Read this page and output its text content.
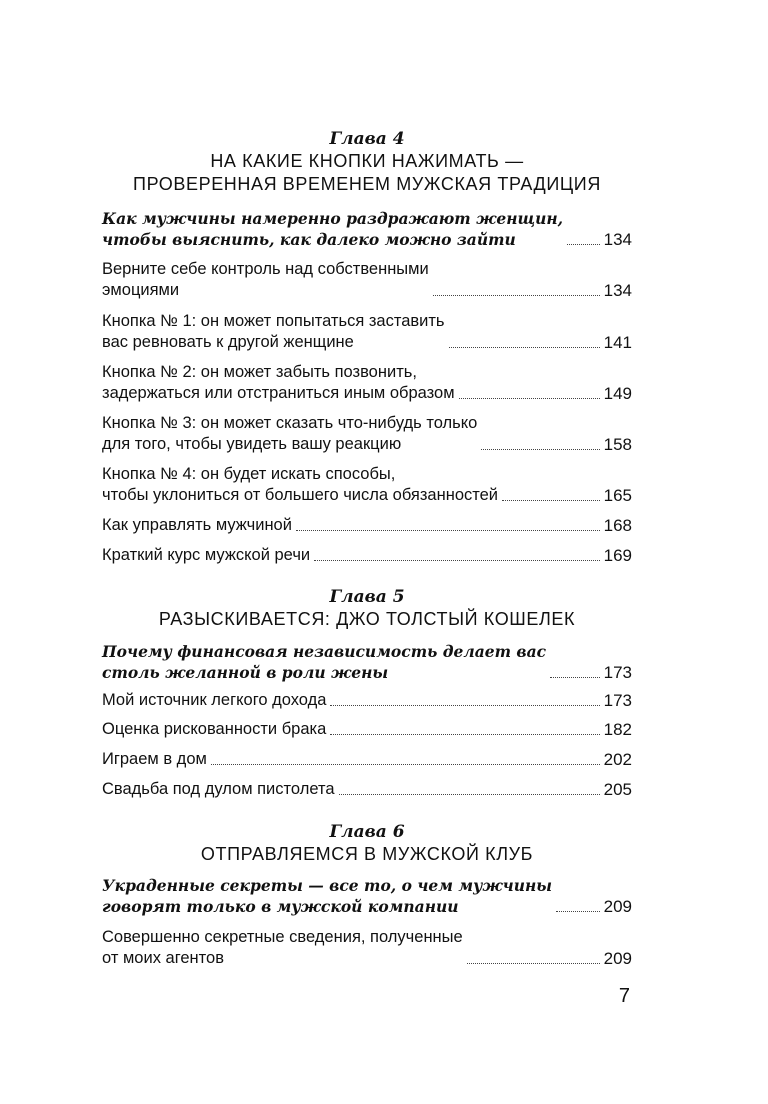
Глава 4
НА КАКИЕ КНОПКИ НАЖИМАТЬ —
ПРОВЕРЕННАЯ ВРЕМЕНЕМ МУЖСКАЯ ТРАДИЦИЯ
Как мужчины намеренно раздражают женщин,
чтобы выяснить, как далеко можно зайти	134
Верните себе контроль над собственными
эмоциями	134
Кнопка № 1: он может попытаться заставить
вас ревновать к другой женщине	141
Кнопка № 2: он может забыть позвонить,
задержаться или отстраниться иным образом	149
Кнопка № 3: он может сказать что-нибудь только
для того, чтобы увидеть вашу реакцию	158
Кнопка № 4: он будет искать способы,
чтобы уклониться от большего числа обязанностей	165
Как управлять мужчиной	168
Краткий курс мужской речи	169
Глава 5
РАЗЫСКИВАЕТСЯ: ДЖО ТОЛСТЫЙ КОШЕЛЕК
Почему финансовая независимость делает вас
столь желанной в роли жены	173
Мой источник легкого дохода	173
Оценка рискованности брака	182
Играем в дом	202
Свадьба под дулом пистолета	205
Глава 6
ОТПРАВЛЯЕМСЯ В МУЖСКОЙ КЛУБ
Украденные секреты — все то, о чем мужчины
говорят только в мужской компании	209
Совершенно секретные сведения, полученные
от моих агентов	209
7
